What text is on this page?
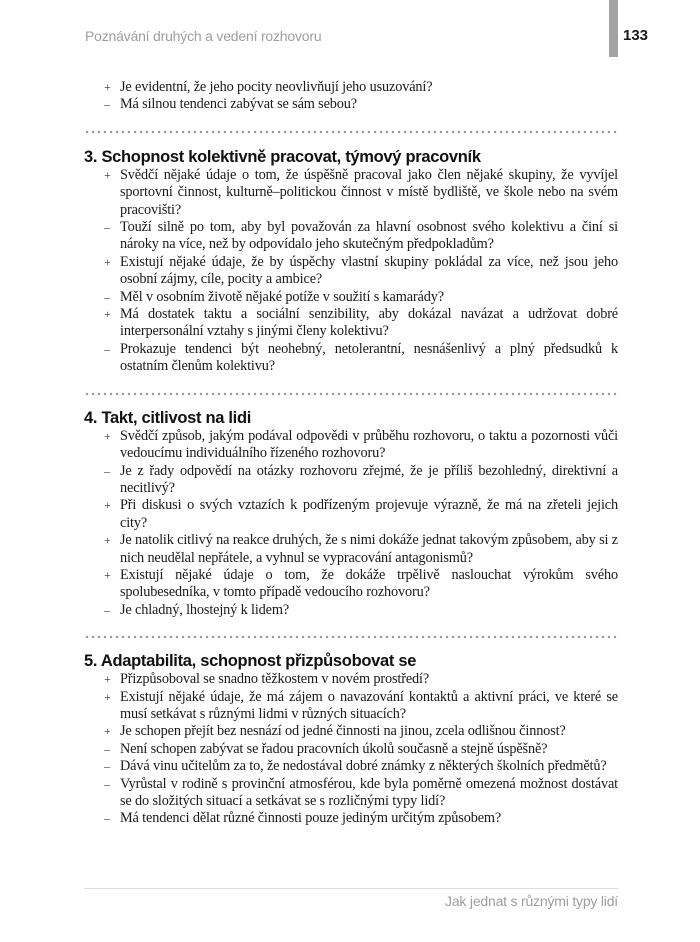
Poznávání druhých a vedení rozhovoru	133
+ Je evidentní, že jeho pocity neovlivňují jeho usuzování?
– Má silnou tendenci zabývat se sám sebou?
3. Schopnost kolektivně pracovat, týmový pracovník
+ Svědčí nějaké údaje o tom, že úspěšně pracoval jako člen nějaké skupiny, že vyvíjel sportovní činnost, kulturně–politickou činnost v místě bydliště, ve škole nebo na svém pracovišti?
– Touží silně po tom, aby byl považován za hlavní osobnost svého kolektivu a činí si nároky na více, než by odpovídalo jeho skutečným předpokladům?
+ Existují nějaké údaje, že by úspěchy vlastní skupiny pokládal za více, než jsou jeho osobní zájmy, cíle, pocity a ambice?
– Měl v osobním životě nějaké potíže v soužití s kamarády?
+ Má dostatek taktu a sociální senzibility, aby dokázal navázat a udržovat dobré interpersonální vztahy s jinými členy kolektivu?
– Prokazuje tendenci být neohebný, netolerantní, nesnášenlivý a plný předsudků k ostatním členům kolektivu?
4. Takt, citlivost na lidi
+ Svědčí způsob, jakým podával odpovědi v průběhu rozhovoru, o taktu a pozornosti vůči vedoucímu individuálního řízeného rozhovoru?
– Je z řady odpovědí na otázky rozhovoru zřejmé, že je příliš bezohledný, direktivní a necitlivý?
+ Při diskusi o svých vztazích k podřízeným projevuje výrazně, že má na zřeteli jejich city?
+ Je natolik citlivý na reakce druhých, že s nimi dokáže jednat takovým způsobem, aby si z nich neudělal nepřátele, a vyhnul se vypracování antagonismů?
+ Existují nějaké údaje o tom, že dokáže trpělivě naslouchat výrokům svého spolubesedníka, v tomto případě vedoucího rozhovoru?
– Je chladný, lhostejný k lidem?
5. Adaptabilita, schopnost přizpůsobovat se
+ Přizpůsoboval se snadno těžkostem v novém prostředí?
+ Existují nějaké údaje, že má zájem o navazování kontaktů a aktivní práci, ve které se musí setkávat s různými lidmi v různých situacích?
+ Je schopen přejít bez nesnází od jedné činnosti na jinou, zcela odlišnou činnost?
– Není schopen zabývat se řadou pracovních úkolů současně a stejně úspěšně?
– Dává vinu učitelům za to, že nedostával dobré známky z některých školních předmětů?
– Vyrůstal v rodině s provinční atmosférou, kde byla poměrně omezená možnost dostávat se do složitých situací a setkávat se s rozličnými typy lidí?
– Má tendenci dělat různé činnosti pouze jediným určitým způsobem?
Jak jednat s různými typy lidí
